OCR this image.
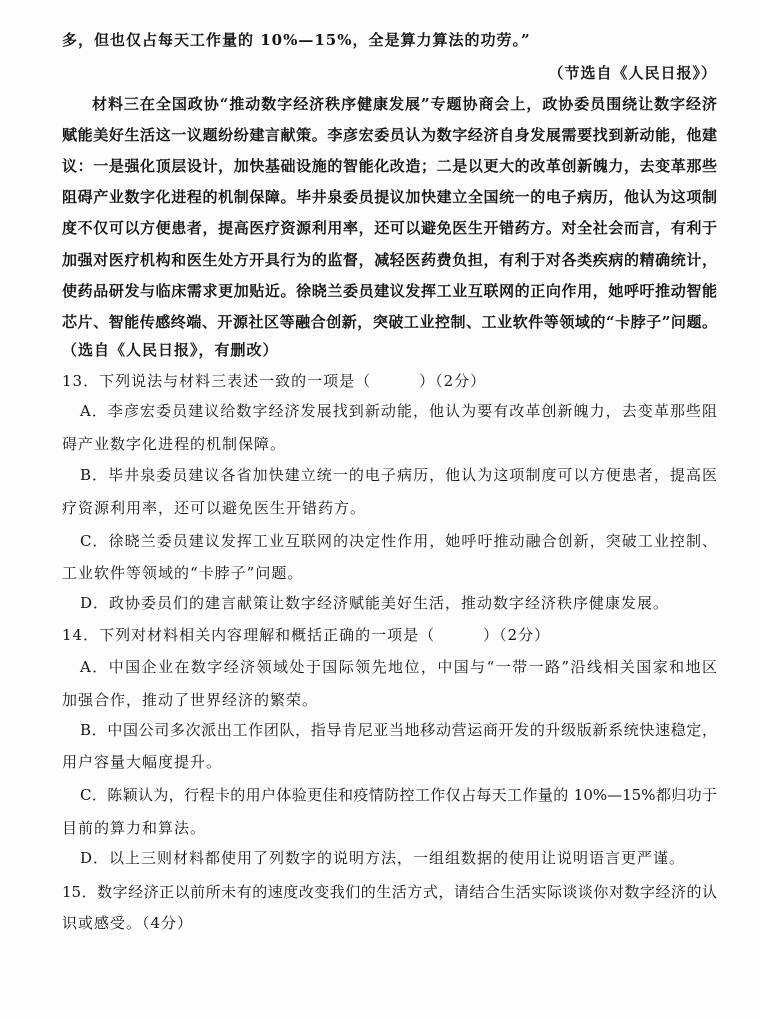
多，但也仅占每天工作量的 10%—15%，全是算力算法的功劳。”
（节选自《人民日报》）
材料三在全国政协“推动数字经济秩序健康发展”专题协商会上，政协委员围绕让数字经济
赋能美好生活这一议题纷纷建言献策。李彦宏委员认为数字经济自身发展需要找到新动能，他建
议：一是强化顶层设计，加快基础设施的智能化改造；二是以更大的改革创新魄力，去变革那些
阻碍产业数字化进程的机制保障。毕井泉委员提议加快建立全国统一的电子病历，他认为这项制
度不仅可以方便患者，提高医疗资源利用率，还可以避免医生开错药方。对全社会而言，有利于
加强对医疗机构和医生处方开具行为的监督，减轻医药费负担，有利于对各类疾病的精确统计，
使药品研发与临床需求更加贴近。徐晓兰委员建议发挥工业互联网的正向作用，她呼吁推动智能
芯片、智能传感终端、开源社区等融合创新，突破工业控制、工业软件等领域的“卡脖子”问题。
（选自《人民日报》，有删改）
13．下列说法与材料三表述一致的一项是（　　　）（2分）
A．李彦宏委员建议给数字经济发展找到新动能，他认为要有改革创新魄力，去变革那些阻
碍产业数字化进程的机制保障。
B．毕井泉委员建议各省加快建立统一的电子病历，他认为这项制度可以方便患者，提高医
疗资源利用率，还可以避免医生开错药方。
C．徐晓兰委员建议发挥工业互联网的决定性作用，她呼吁推动融合创新，突破工业控制、
工业软件等领域的“卡脖子”问题。
D．政协委员们的建言献策让数字经济赋能美好生活，推动数字经济秩序健康发展。
14．下列对材料相关内容理解和概括正确的一项是（　　　）（2分）
A．中国企业在数字经济领域处于国际领先地位，中国与“一带一路”沿线相关国家和地区
加强合作，推动了世界经济的繁荣。
B．中国公司多次派出工作团队，指导肯尼亚当地移动营运商开发的升级版新系统快速稳定，
用户容量大幅度提升。
C．陈颖认为，行程卡的用户体验更佳和疫情防控工作仅占每天工作量的 10%—15%都归功于
目前的算力和算法。
D．以上三则材料都使用了列数字的说明方法，一组组数据的使用让说明语言更严谨。
15．数字经济正以前所未有的速度改变我们的生活方式，请结合生活实际谈谈你对数字经济的认
识或感受。（4分）
